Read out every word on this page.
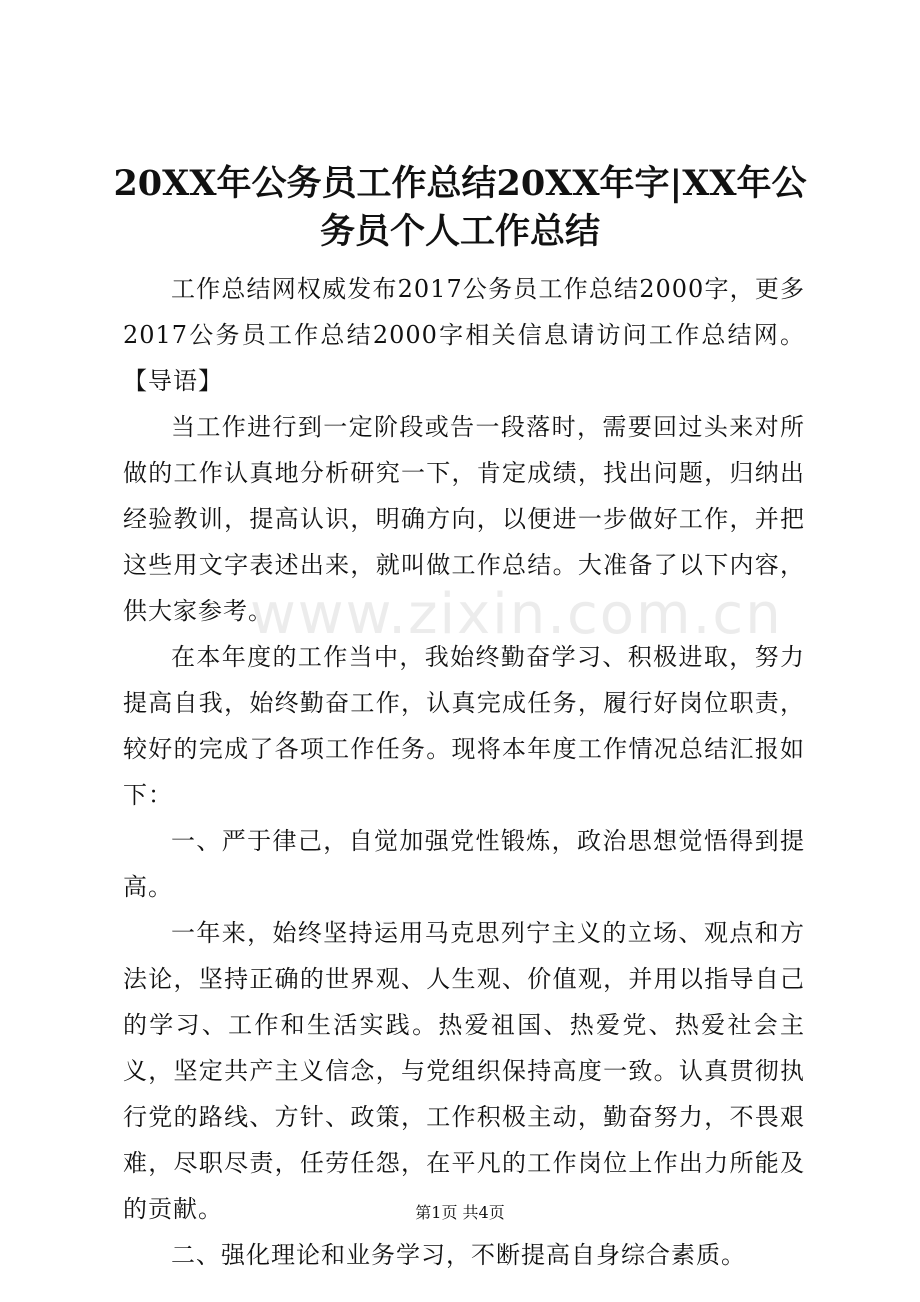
20XX年公务员工作总结20XX年字|XX年公务员个人工作总结

工作总结网权威发布2017公务员工作总结2000字，更多2017公务员工作总结2000字相关信息请访问工作总结网。【导语】

当工作进行到一定阶段或告一段落时，需要回过头来对所做的工作认真地分析研究一下，肯定成绩，找出问题，归纳出经验教训，提高认识，明确方向，以便进一步做好工作，并把这些用文字表述出来，就叫做工作总结。大准备了以下内容，供大家参考。

在本年度的工作当中，我始终勤奋学习、积极进取，努力提高自我，始终勤奋工作，认真完成任务，履行好岗位职责，较好的完成了各项工作任务。现将本年度工作情况总结汇报如下：

一、严于律己，自觉加强党性锻炼，政治思想觉悟得到提高。

一年来，始终坚持运用马克思列宁主义的立场、观点和方法论，坚持正确的世界观、人生观、价值观，并用以指导自己的学习、工作和生活实践。热爱祖国、热爱党、热爱社会主义，坚定共产主义信念，与党组织保持高度一致。认真贯彻执行党的路线、方针、政策，工作积极主动，勤奋努力，不畏艰难，尽职尽责，任劳任怨，在平凡的工作岗位上作出力所能及的贡献。

二、强化理论和业务学习，不断提高自身综合素质。

www.zixin.com.cn
第1页 共4页
